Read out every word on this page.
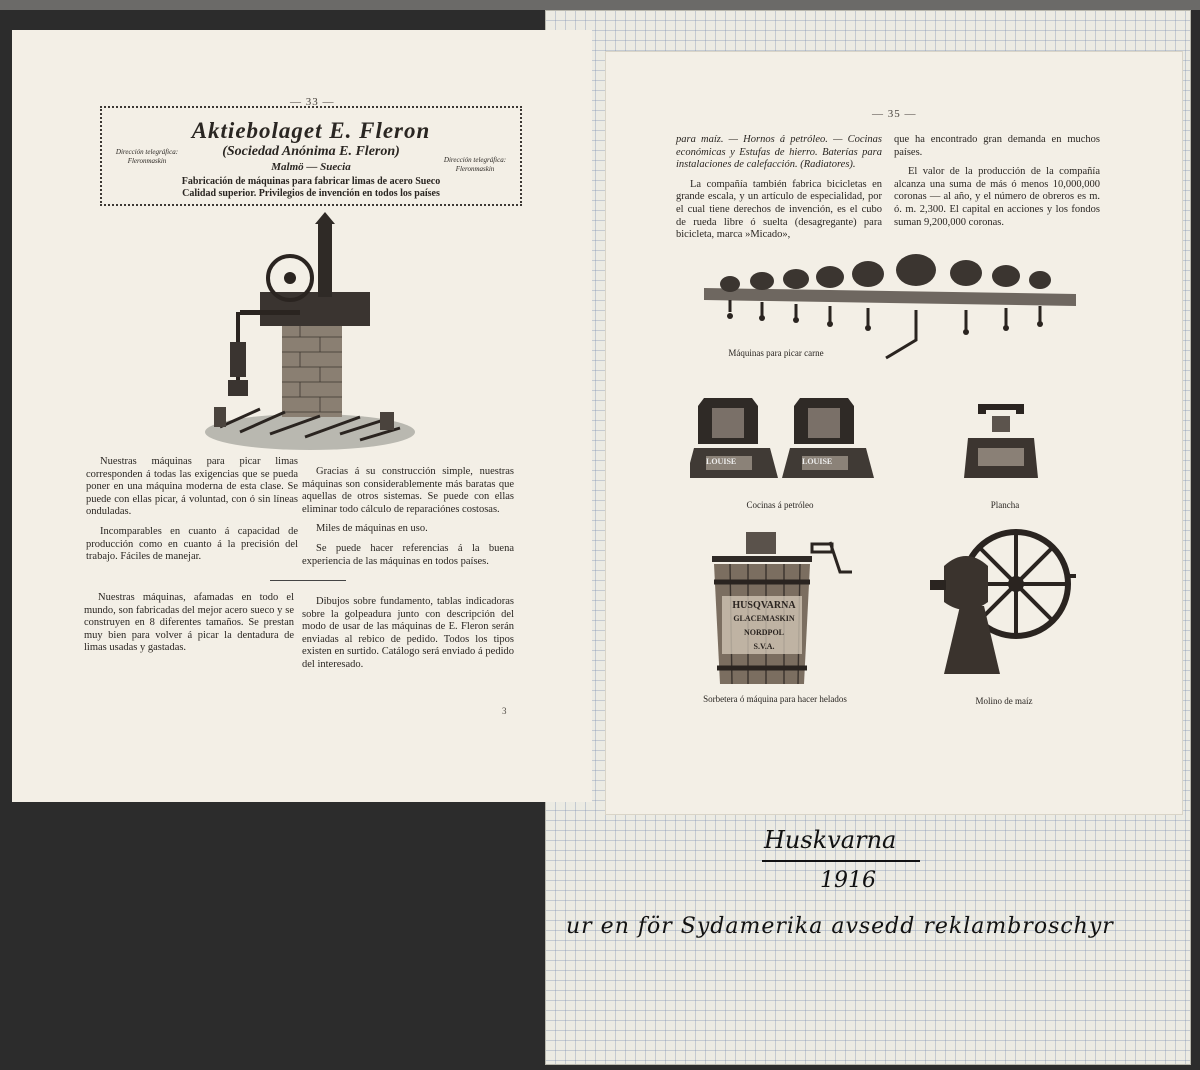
— 33 —
Aktiebolaget E. Fleron
(Sociedad Anónima E. Fleron)
Malmö — Suecia
Dirección telegráfica: Fleronmaskin	Dirección telegráfica: Fleronmaskin
Fabricación de máquinas para fabricar limas de acero Sueco
Calidad superior. Privilegios de invención en todos los países

Nuestras máquinas para picar limas corresponden á todas las exigencias que se pueda poner en una máquina moderna de esta clase. Se puede con ellas picar, á voluntad, con ó sin líneas onduladas.

Incomparables en cuanto á capacidad de producción como en cuanto á la precisión del trabajo. Fáciles de manejar.

Gracias á su construcción simple, nuestras máquinas son considerablemente más baratas que aquellas de otros sistemas. Se puede con ellas eliminar todo cálculo de reparaciónes costosas.

Miles de máquinas en uso.

Se puede hacer referencias á la buena experiencia de las máquinas en todos países.

Nuestras máquinas, afamadas en todo el mundo, son fabricadas del mejor acero sueco y se construyen en 8 diferentes tamaños. Se prestan muy bien para volver á picar la dentadura de limas usadas y gastadas.

Dibujos sobre fundamento, tablas indicadoras sobre la golpeadura junto con descripción del modo de usar de las máquinas de E. Fleron serán enviadas al rebico de pedido. Todos los tipos existen en surtido. Catálogo será enviado á pedido del interesado.

3
— 35 —

para maíz. — Hornos á petróleo. — Cocinas económicas y Estufas de hierro. Baterías para instalaciones de calefacción. (Radiatores).

La compañía también fabrica bicicletas en grande escala, y un artículo de especialidad, por el cual tiene derechos de invención, es el cubo de rueda libre ó suelta (desagregante) para bicicleta, marca »Micado»,

que ha encontrado gran demanda en muchos países.

El valor de la producción de la compañía alcanza una suma de más ó menos 10,000,000 coronas — al año, y el número de obreros es m. ó. m. 2,300. El capital en acciones y los fondos suman 9,200,000 coronas.

Máquinas para picar carne
LOUISE	LOUISE
Cocinas á petróleo	Plancha
HUSQVARNA
GLACEMASKIN
NORDPOL
S.V.A.
Sorbetera ó máquina para hacer helados	Molino de maíz
Huskvarna
1916
ur en för Sydamerika avsedd reklambroschyr
